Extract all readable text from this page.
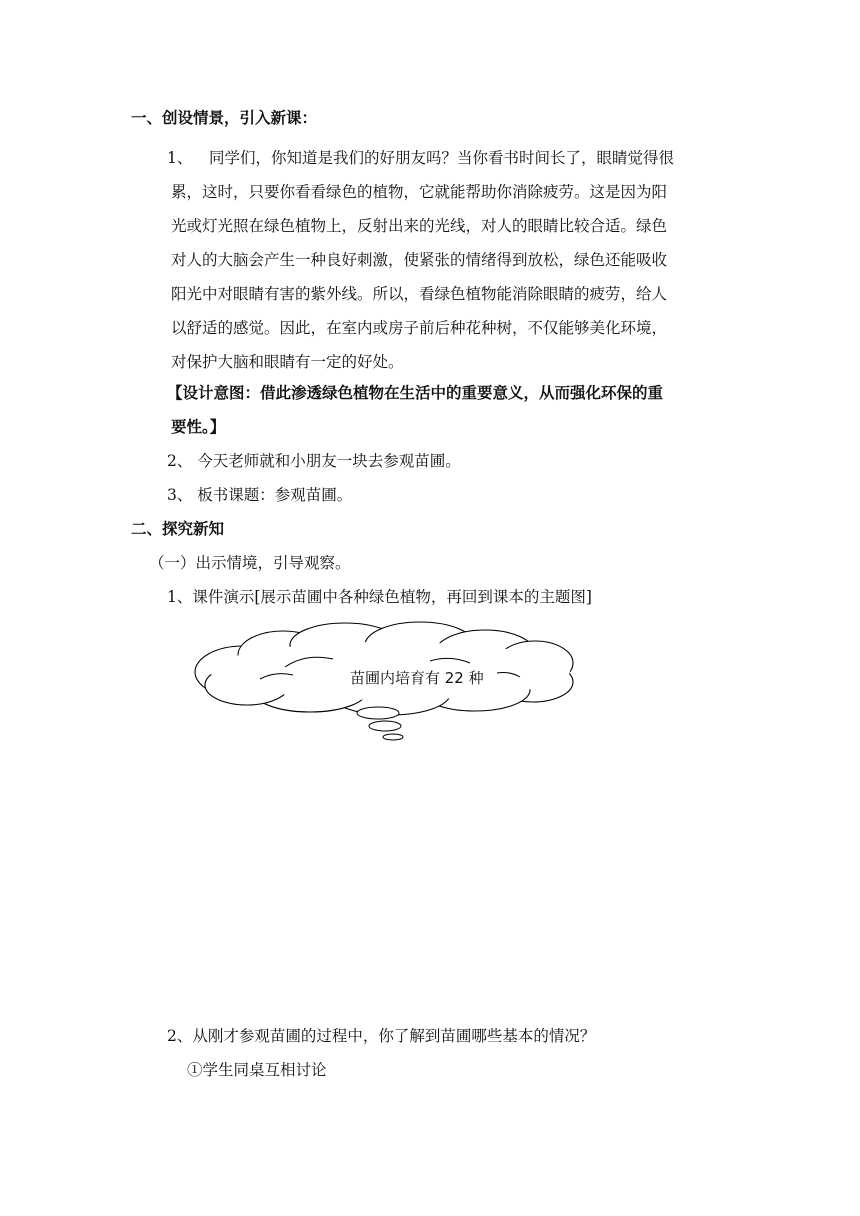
一、创设情景，引入新课：
1、	同学们，你知道是我们的好朋友吗？当你看书时间长了，眼睛觉得很
累，这时，只要你看看绿色的植物，它就能帮助你消除疲劳。这是因为阳
光或灯光照在绿色植物上，反射出来的光线，对人的眼睛比较合适。绿色
对人的大脑会产生一种良好刺激，使紧张的情绪得到放松，绿色还能吸收
阳光中对眼睛有害的紫外线。所以，看绿色植物能消除眼睛的疲劳，给人
以舒适的感觉。因此，在室内或房子前后种花种树，不仅能够美化环境，
对保护大脑和眼睛有一定的好处。
【设计意图：借此渗透绿色植物在生活中的重要意义，从而强化环保的重
要性。】
2、 今天老师就和小朋友一块去参观苗圃。
3、 板书课题：参观苗圃。
二、探究新知
（一）出示情境，引导观察。
1、课件演示[展示苗圃中各种绿色植物，再回到课本的主题图]
苗圃内培育有 22 种
2、从刚才参观苗圃的过程中，你了解到苗圃哪些基本的情况？
①学生同桌互相讨论
